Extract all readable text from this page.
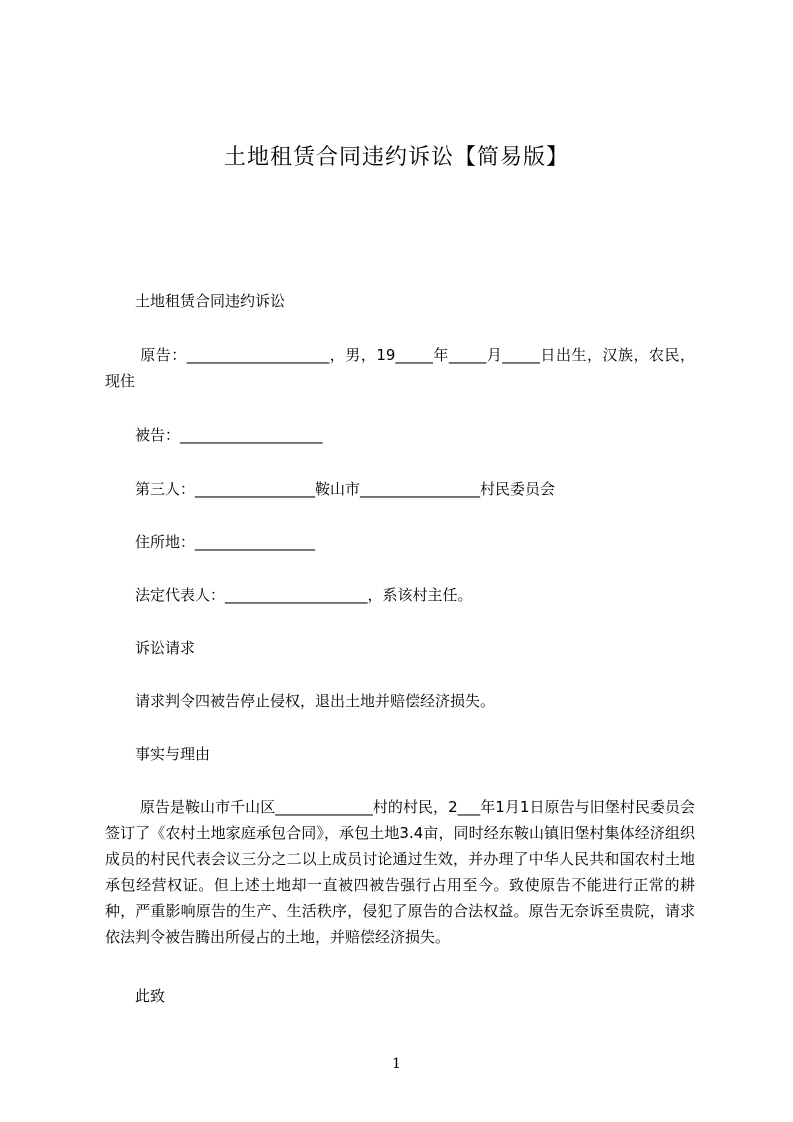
土地租赁合同违约诉讼【简易版】

土地租赁合同违约诉讼

原告：___________________，男，19_____年_____月_____日出生，汉族，农民，现住

被告：___________________

第三人：________________鞍山市________________村民委员会

住所地：________________

法定代表人：___________________，系该村主任。

诉讼请求

请求判令四被告停止侵权，退出土地并赔偿经济损失。

事实与理由

原告是鞍山市千山区_____________村的村民，2___年1月1日原告与旧堡村民委员会签订了《农村土地家庭承包合同》，承包土地3.4亩，同时经东鞍山镇旧堡村集体经济组织成员的村民代表会议三分之二以上成员讨论通过生效，并办理了中华人民共和国农村土地承包经营权证。但上述土地却一直被四被告强行占用至今。致使原告不能进行正常的耕种，严重影响原告的生产、生活秩序，侵犯了原告的合法权益。原告无奈诉至贵院，请求依法判令被告腾出所侵占的土地，并赔偿经济损失。

此致

1
